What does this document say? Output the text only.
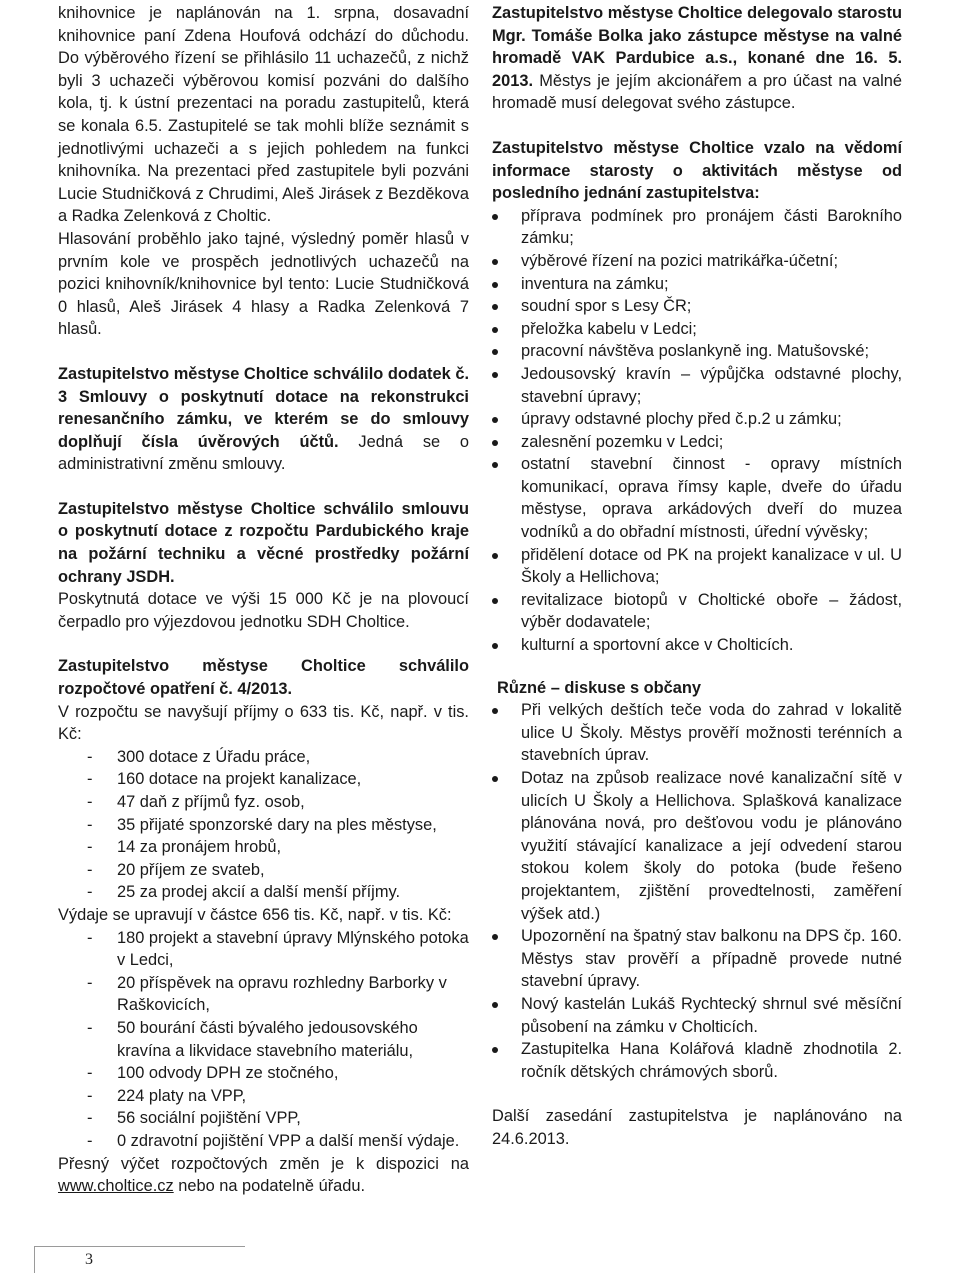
knihovnice je naplánován na 1. srpna, dosavadní knihovnice paní Zdena Houfová odchází do důchodu. Do výběrového řízení se přihlásilo 11 uchazečů, z nichž byli 3 uchazeči výběrovou komisí pozváni do dalšího kola, tj. k ústní prezentaci na poradu zastupitelů, která se konala 6.5. Zastupitelé se tak mohli blíže seznámit s jednotlivými uchazeči a s jejich pohledem na funkci knihovníka. Na prezentaci před zastupitele byli pozváni Lucie Studničková z Chrudimi, Aleš Jirásek z Bezděkova a Radka Zelenková z Choltic.

Hlasování proběhlo jako tajné, výsledný poměr hlasů v prvním kole ve prospěch jednotlivých uchazečů na pozici knihovník/knihovnice byl tento: Lucie Studničková 0 hlasů, Aleš Jirásek 4 hlasy a Radka Zelenková 7 hlasů.

Zastupitelstvo městyse Choltice schválilo dodatek č. 3 Smlouvy o poskytnutí dotace na rekonstrukci renesančního zámku, ve kterém se do smlouvy doplňují čísla úvěrových účtů. Jedná se o administrativní změnu smlouvy.

Zastupitelstvo městyse Choltice schválilo smlouvu o poskytnutí dotace z rozpočtu Pardubického kraje na požární techniku a věcné prostředky požární ochrany JSDH.

Poskytnutá dotace ve výši 15 000 Kč je na plovoucí čerpadlo pro výjezdovou jednotku SDH Choltice.

Zastupitelstvo městyse Choltice schválilo rozpočtové opatření č. 4/2013.

V rozpočtu se navyšují příjmy o 633 tis. Kč, např. v tis. Kč:

- 300 dotace z Úřadu práce,
- 160 dotace na projekt kanalizace,
- 47 daň z příjmů fyz. osob,
- 35 přijaté sponzorské dary na ples městyse,
- 14 za pronájem hrobů,
- 20 příjem ze svateb,
- 25 za prodej akcií a další menší příjmy.

Výdaje se upravují v částce 656 tis. Kč, např. v tis. Kč:

- 180 projekt a stavební úpravy Mlýnského potoka v Ledci,
- 20 příspěvek na opravu rozhledny Barborky v Raškovicích,
- 50 bourání části bývalého jedousovského kravína a likvidace stavebního materiálu,
- 100 odvody DPH ze stočného,
- 224 platy na VPP,
- 56 sociální pojištění VPP,
- 0 zdravotní pojištění VPP a další menší výdaje.

Přesný výčet rozpočtových změn je k dispozici na www.choltice.cz nebo na podatelně úřadu.

Zastupitelstvo městyse Choltice delegovalo starostu Mgr. Tomáše Bolka jako zástupce městyse na valné hromadě VAK Pardubice a.s., konané dne 16. 5. 2013. Městys je jejím akcionářem a pro účast na valné hromadě musí delegovat svého zástupce.

Zastupitelstvo městyse Choltice vzalo na vědomí informace starosty o aktivitách městyse od posledního jednání zastupitelstva:

příprava podmínek pro pronájem části Barokního zámku;
výběrové řízení na pozici matrikářka-účetní;
inventura na zámku;
soudní spor s Lesy ČR;
přeložka kabelu v Ledci;
pracovní návštěva poslankyně ing. Matušovské;
Jedousovský kravín – výpůjčka odstavné plochy, stavební úpravy;
úpravy odstavné plochy před č.p.2 u zámku;
zalesnění pozemku v Ledci;
ostatní stavební činnost - opravy místních komunikací, oprava římsy kaple, dveře do úřadu městyse, oprava arkádových dveří do muzea vodníků a do obřadní místnosti, úřední vývěsky;
přidělení dotace od PK na projekt kanalizace v ul. U Školy a Hellichova;
revitalizace biotopů v Choltické oboře – žádost, výběr dodavatele;
kulturní a sportovní akce v Cholticích.
Různé – diskuse s občany
Při velkých deštích teče voda do zahrad v lokalitě ulice U Školy. Městys prověří možnosti terénních a stavebních úprav.
Dotaz na způsob realizace nové kanalizační sítě v ulicích U Školy a Hellichova. Splašková kanalizace plánována nová, pro dešťovou vodu je plánováno využití stávající kanalizace a její odvedení starou stokou kolem školy do potoka (bude řešeno projektantem, zjištění provedtelnosti, zaměření výšek atd.)
Upozornění na špatný stav balkonu na DPS čp. 160. Městys stav prověří a případně provede nutné stavební úpravy.
Nový kastelán Lukáš Rychtecký shrnul své měsíční působení na zámku v Cholticích.
Zastupitelka Hana Kolářová kladně zhodnotila 2. ročník dětských chrámových sborů.

Další zasedání zastupitelstva je naplánováno na 24.6.2013.

3
